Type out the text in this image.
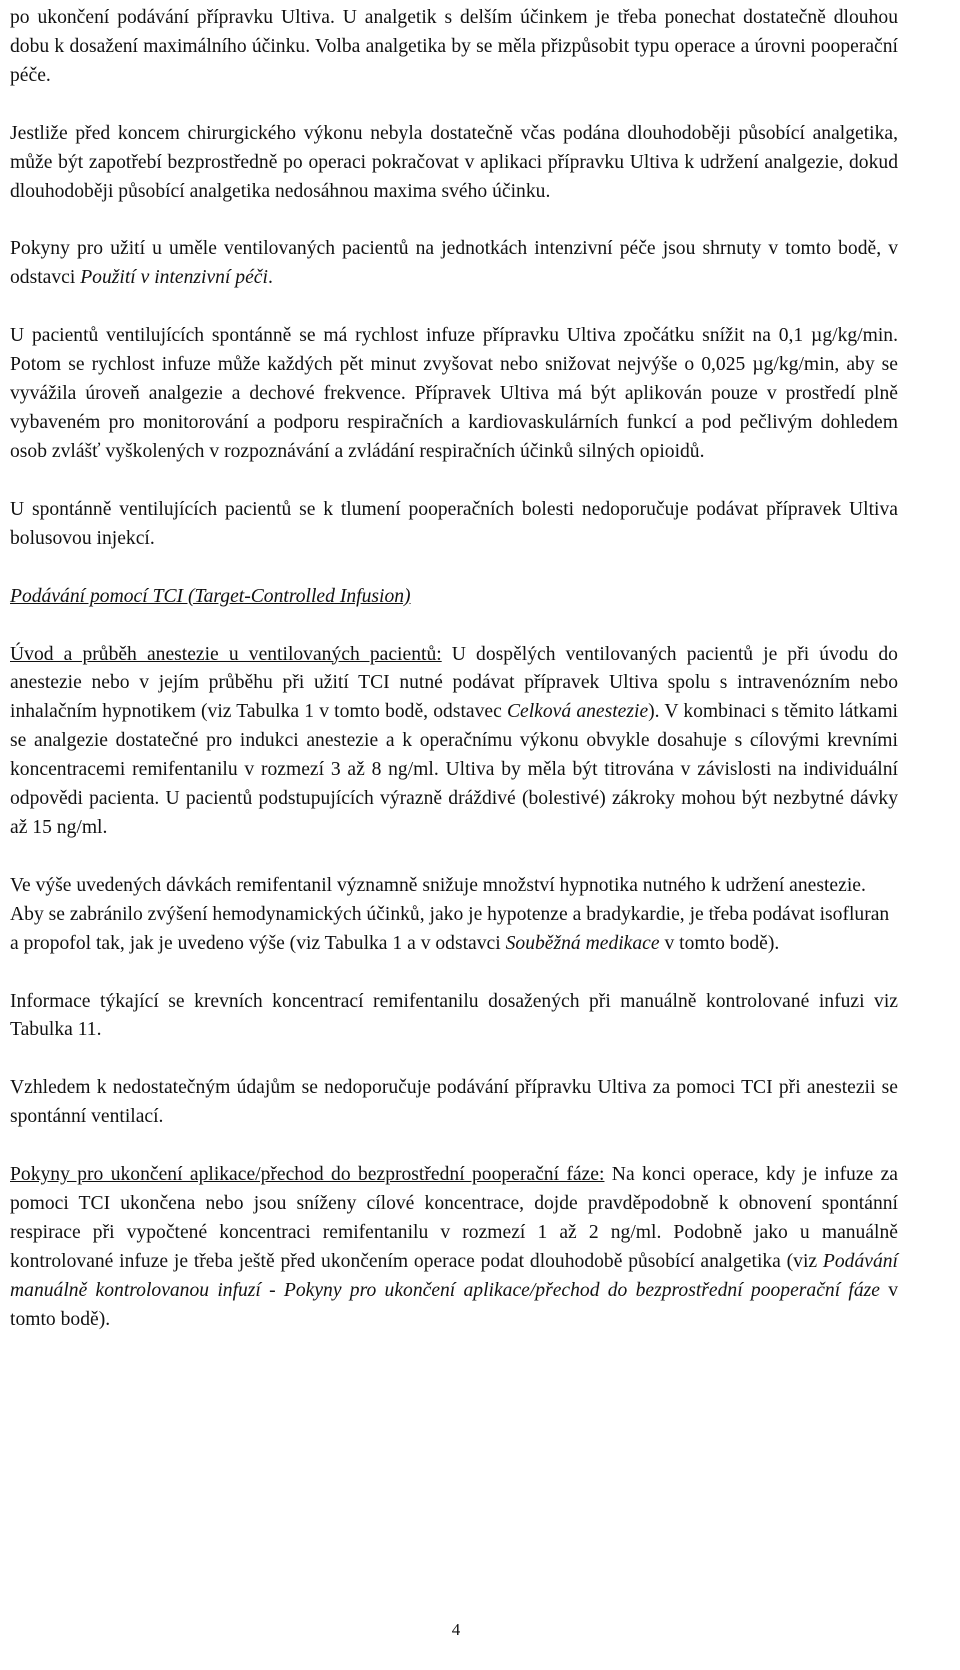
po ukončení podávání přípravku Ultiva. U analgetik s delším účinkem je třeba ponechat dostatečně dlouhou dobu k dosažení maximálního účinku. Volba analgetika by se měla přizpůsobit typu operace a úrovni pooperační péče.

Jestliže před koncem chirurgického výkonu nebyla dostatečně včas podána dlouhodoběji působící analgetika, může být zapotřebí bezprostředně po operaci pokračovat v aplikaci přípravku Ultiva k udržení analgezie, dokud dlouhodoběji působící analgetika nedosáhnou maxima svého účinku.

Pokyny pro užití u uměle ventilovaných pacientů na jednotkách intenzivní péče jsou shrnuty v tomto bodě, v odstavci Použití v intenzivní péči.

U pacientů ventilujících spontánně se má rychlost infuze přípravku Ultiva zpočátku snížit na 0,1 µg/kg/min. Potom se rychlost infuze může každých pět minut zvyšovat nebo snižovat nejvýše o 0,025 µg/kg/min, aby se vyvážila úroveň analgezie a dechové frekvence. Přípravek Ultiva má být aplikován pouze v prostředí plně vybaveném pro monitorování a podporu respiračních a kardiovaskulárních funkcí a pod pečlivým dohledem osob zvlášť vyškolených v rozpoznávání a zvládání respiračních účinků silných opioidů.

U spontánně ventilujících pacientů se k tlumení pooperačních bolesti nedoporučuje podávat přípravek Ultiva bolusovou injekcí.

Podávání pomocí TCI (Target-Controlled Infusion)

Úvod a průběh anestezie u ventilovaných pacientů: U dospělých ventilovaných pacientů je při úvodu do anestezie nebo v jejím průběhu při užití TCI nutné podávat přípravek Ultiva spolu s intravenózním nebo inhalačním hypnotikem (viz Tabulka 1 v tomto bodě, odstavec Celková anestezie). V kombinaci s těmito látkami se analgezie dostatečné pro indukci anestezie a k operačnímu výkonu obvykle dosahuje s cílovými krevními koncentracemi remifentanilu v rozmezí 3 až 8 ng/ml. Ultiva by měla být titrována v závislosti na individuální odpovědi pacienta. U pacientů podstupujících výrazně dráždivé (bolestivé) zákroky mohou být nezbytné dávky až 15 ng/ml.

Ve výše uvedených dávkách remifentanil významně snižuje množství hypnotika nutného k udržení anestezie. Aby se zabránilo zvýšení hemodynamických účinků, jako je hypotenze a bradykardie, je třeba podávat isofluran a propofol tak, jak je uvedeno výše (viz Tabulka 1 a v odstavci Souběžná medikace v tomto bodě).

Informace týkající se krevních koncentrací remifentanilu dosažených při manuálně kontrolované infuzi viz Tabulka 11.

Vzhledem k nedostatečným údajům se nedoporučuje podávání přípravku Ultiva za pomoci TCI při anestezii se spontánní ventilací.

Pokyny pro ukončení aplikace/přechod do bezprostřední pooperační fáze: Na konci operace, kdy je infuze za pomoci TCI ukončena nebo jsou sníženy cílové koncentrace, dojde pravděpodobně k obnovení spontánní respirace při vypočtené koncentraci remifentanilu v rozmezí 1 až 2 ng/ml. Podobně jako u manuálně kontrolované infuze je třeba ještě před ukončením operace podat dlouhodobě působící analgetika (viz Podávání manuálně kontrolovanou infuzí - Pokyny pro ukončení aplikace/přechod do bezprostřední pooperační fáze v tomto bodě).

4
